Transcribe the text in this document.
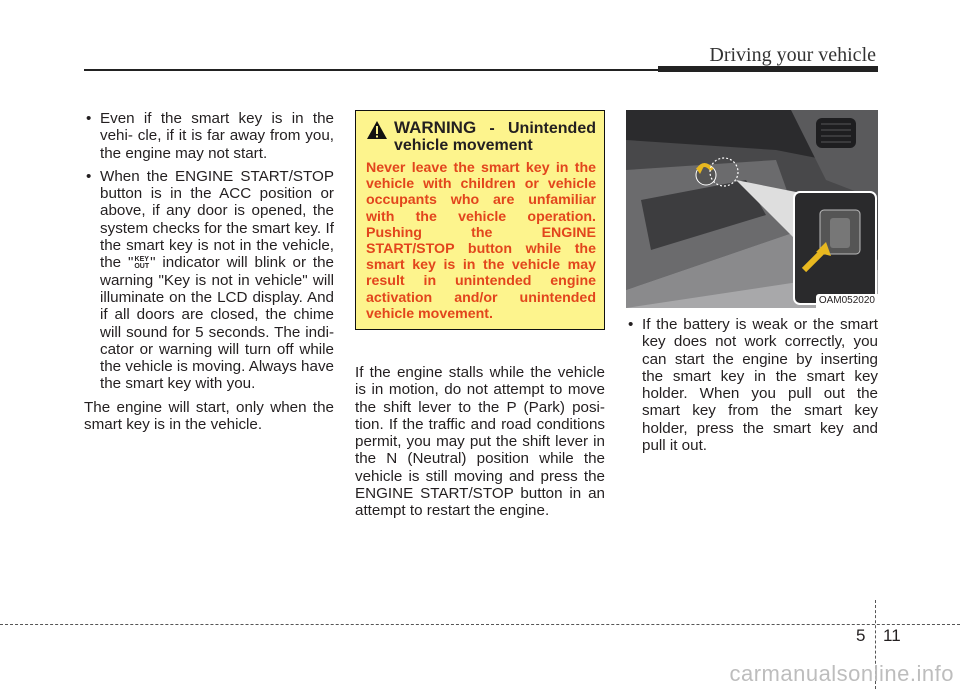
Driving your vehicle

• Even if the smart key is in the vehi- cle, if it is far away from you, the engine may not start.

• When the ENGINE START/STOP button is in the ACC position or above, if any door is opened, the system checks for the smart key. If the smart key is not in the vehicle, the "KEY
OUT" indicator will blink or the warning "Key is not in vehicle" will illuminate on the LCD display. And if all doors are closed, the chime will sound for 5 seconds. The indi- cator or warning will turn off while the vehicle is moving. Always have the smart key with you.

The engine will start, only when the smart key is in the vehicle.

WARNING - Unintended vehicle movement
Never leave the smart key in the vehicle with children or vehicle occupants who are unfamiliar with the vehicle operation. Pushing the ENGINE START/STOP button while the smart key is in the vehicle may result in unintended engine activation and/or unintended vehicle movement.

If the engine stalls while the vehicle is in motion, do not attempt to move the shift lever to the P (Park) posi- tion. If the traffic and road conditions permit, you may put the shift lever in the N (Neutral) position while the vehicle is still moving and press the ENGINE START/STOP button in an attempt to restart the engine.

OAM052020

• If the battery is weak or the smart key does not work correctly, you can start the engine by inserting the smart key in the smart key holder. When you pull out the smart key from the smart key holder, press the smart key and pull it out.

5 11
carmanualsonline.info
